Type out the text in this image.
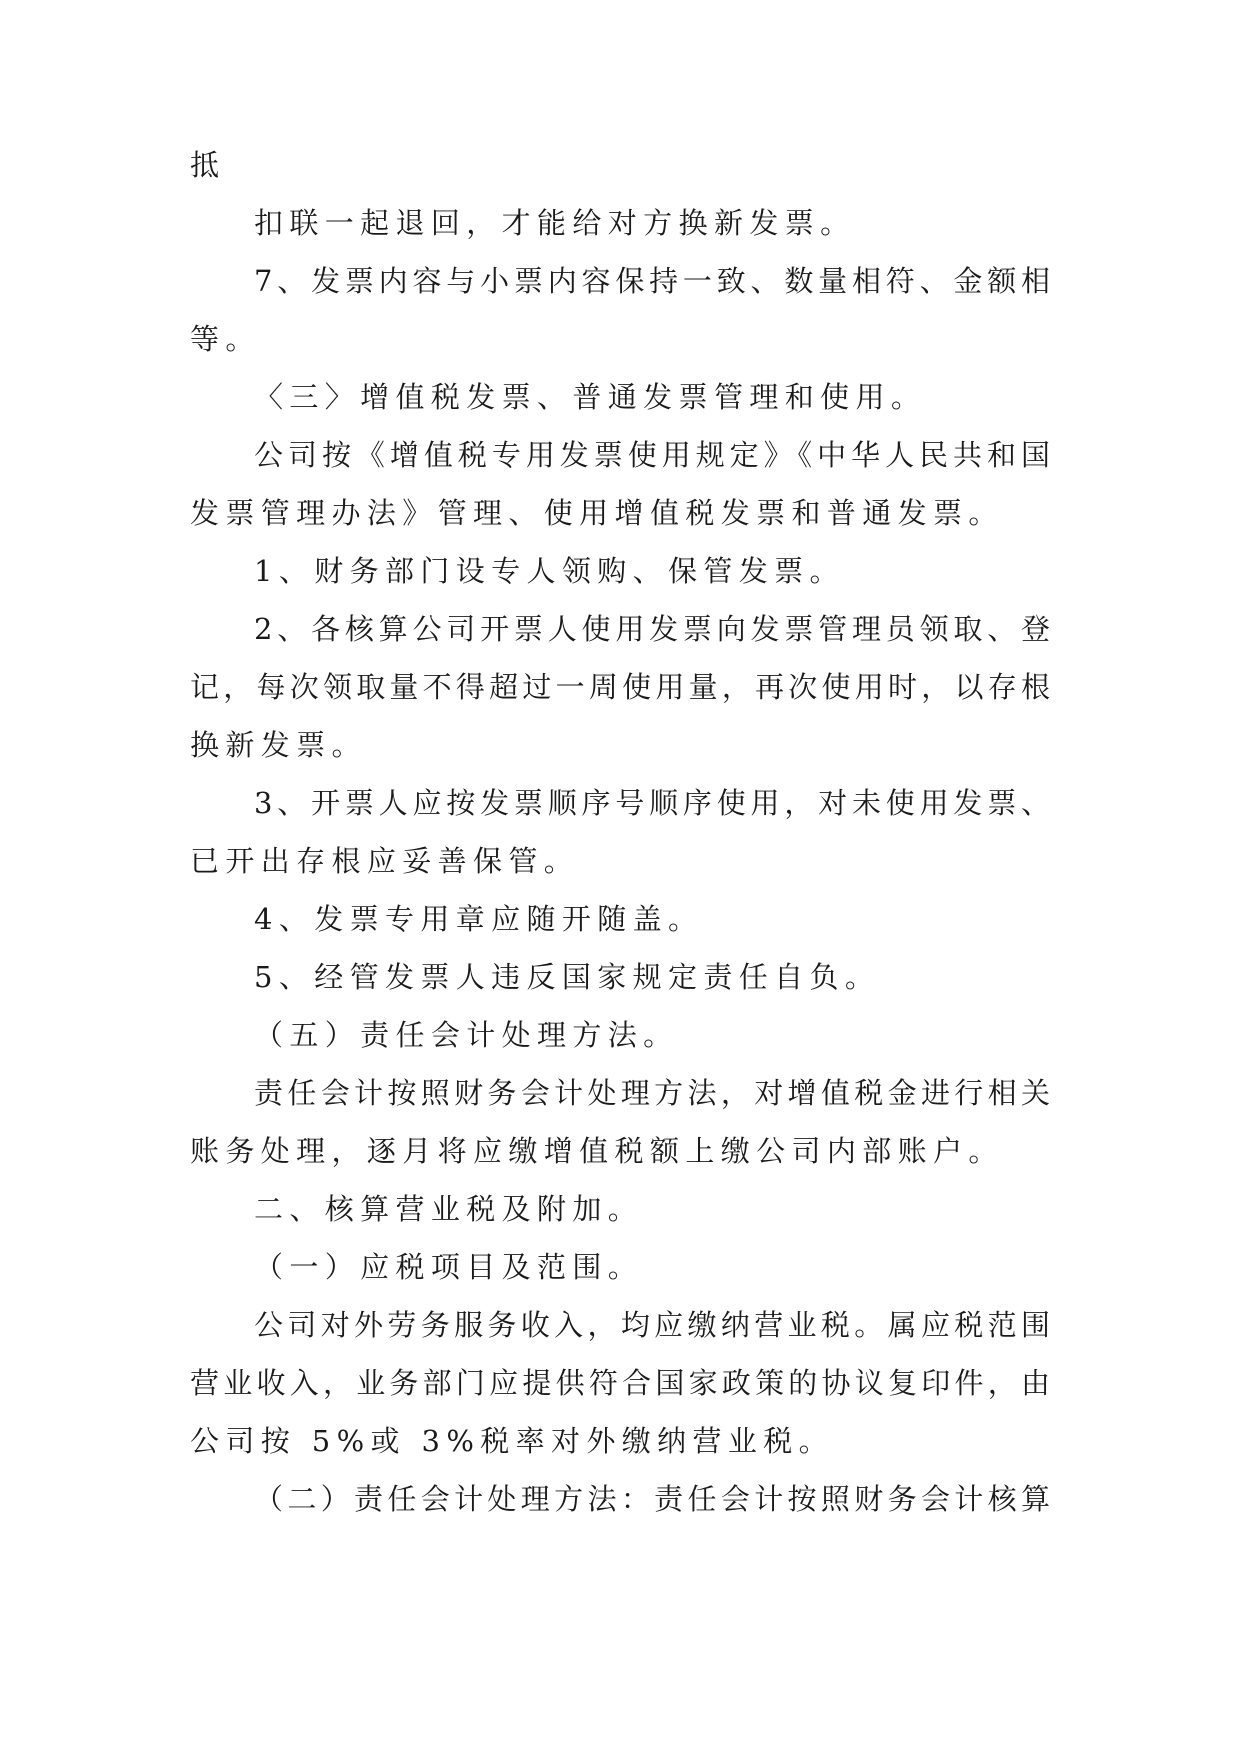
抵
扣联一起退回，才能给对方换新发票。
7、发票内容与小票内容保持一致、数量相符、金额相
等。
〈三〉增值税发票、普通发票管理和使用。
公司按《增值税专用发票使用规定》《中华人民共和国
发票管理办法》管理、使用增值税发票和普通发票。
1、财务部门设专人领购、保管发票。
2、各核算公司开票人使用发票向发票管理员领取、登
记，每次领取量不得超过一周使用量，再次使用时，以存根
换新发票。
3、开票人应按发票顺序号顺序使用，对未使用发票、
已开出存根应妥善保管。
4、发票专用章应随开随盖。
5、经管发票人违反国家规定责任自负。
（五）责任会计处理方法。
责任会计按照财务会计处理方法，对增值税金进行相关
账务处理，逐月将应缴增值税额上缴公司内部账户。
二、核算营业税及附加。
（一）应税项目及范围。
公司对外劳务服务收入，均应缴纳营业税。属应税范围
营业收入，业务部门应提供符合国家政策的协议复印件，由
公司按 5%或 3%税率对外缴纳营业税。
（二）责任会计处理方法：责任会计按照财务会计核算
